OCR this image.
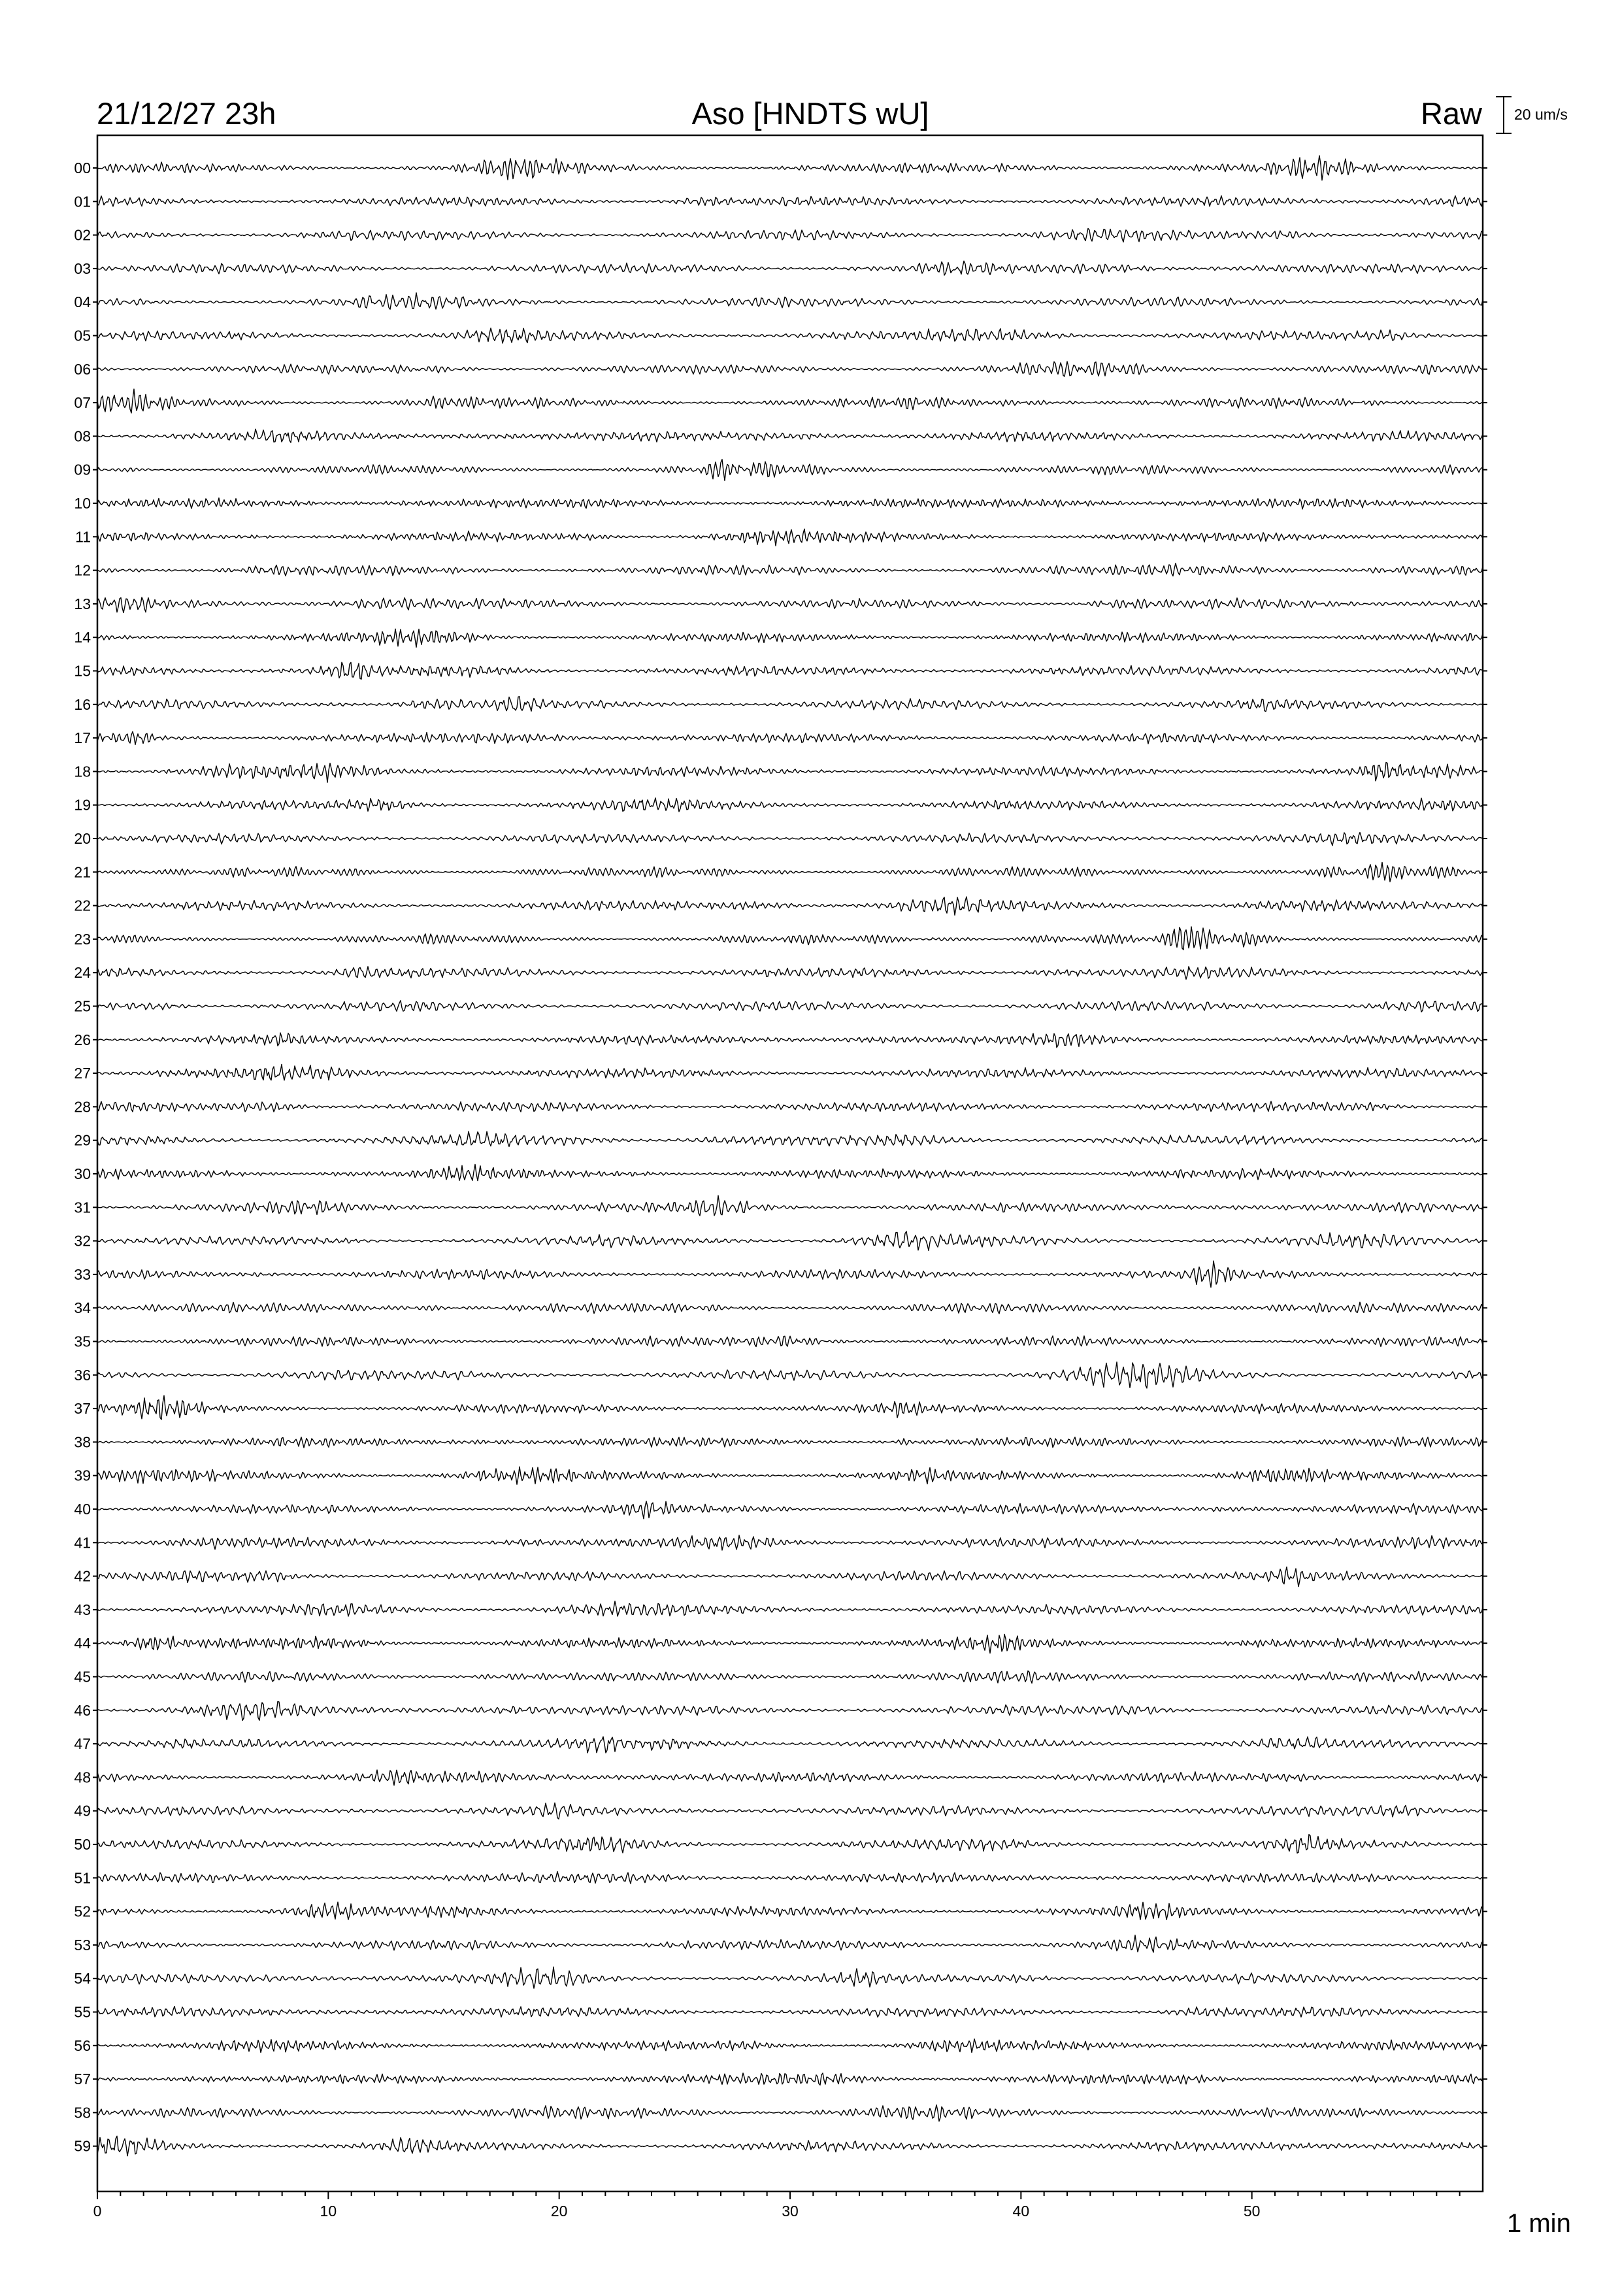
21/12/27 23h	Aso [HNDTS wU]	Raw 20 um/s
00
01
02
03
04
05
06
07
08
09
10
11
12
13
14
15
16
17
18
19
20
21
22
23
24
25
26
27
28
29
30
31
32
33
34
35
36
37
38
39
40
41
42
43
44
45
46
47
48
49
50
51
52
53
54
55
56
57
58
59
0	10	20	30	40	50	1 min
